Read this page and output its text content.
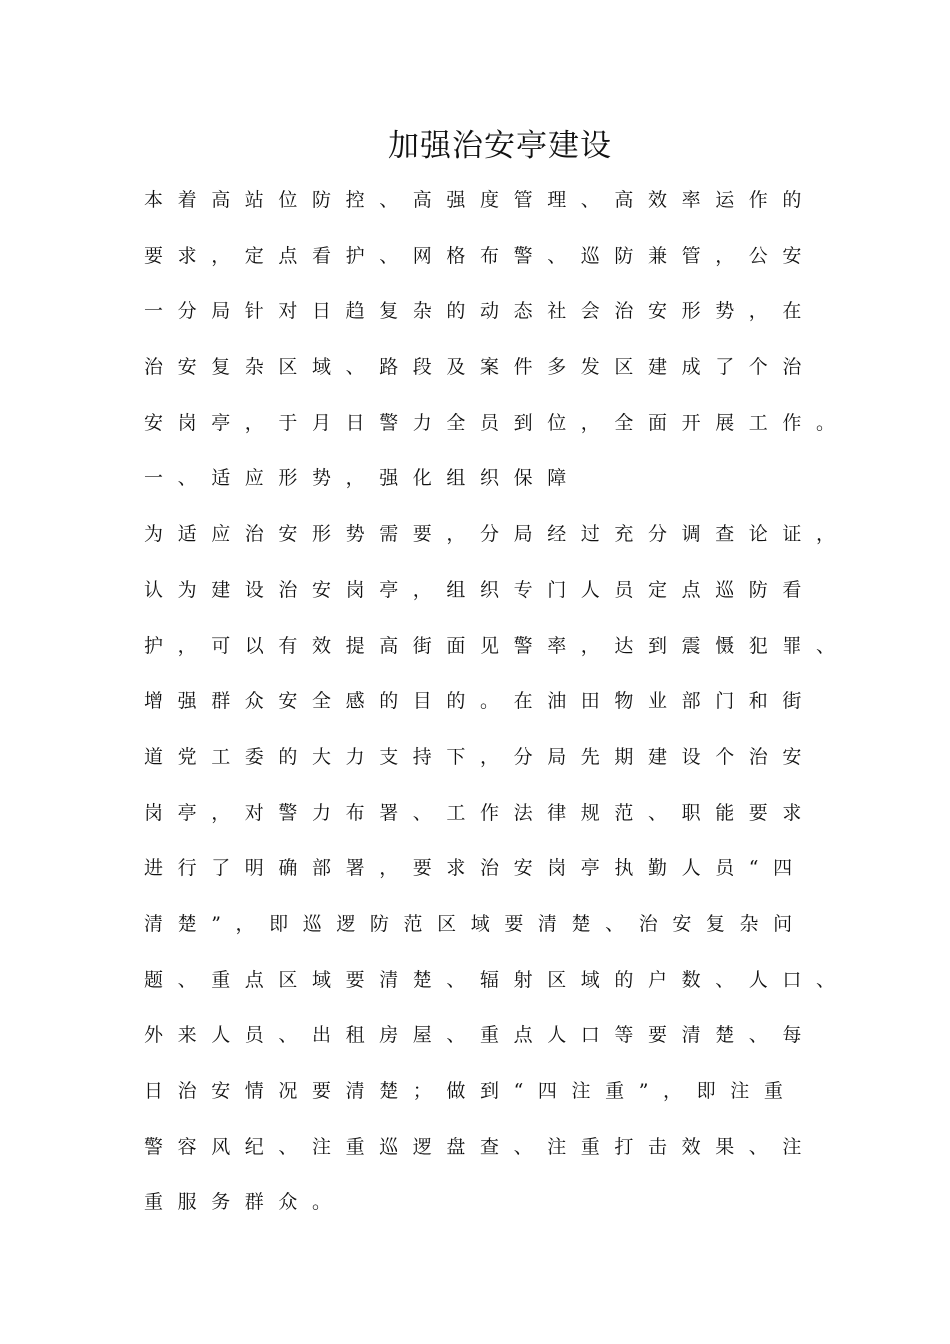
加强治安亭建设
本着高站位防控、高强度管理、高效率运作的
要求，定点看护、网格布警、巡防兼管，公安
一分局针对日趋复杂的动态社会治安形势，在
治安复杂区域、路段及案件多发区建成了个治
安岗亭，于月日警力全员到位，全面开展工作。
一、适应形势，强化组织保障
为适应治安形势需要，分局经过充分调查论证，
认为建设治安岗亭，组织专门人员定点巡防看
护，可以有效提高街面见警率，达到震慑犯罪、
增强群众安全感的目的。在油田物业部门和街
道党工委的大力支持下，分局先期建设个治安
岗亭，对警力布署、工作法律规范、职能要求
进行了明确部署，要求治安岗亭执勤人员“四
清楚”，即巡逻防范区域要清楚、治安复杂问
题、重点区域要清楚、辐射区域的户数、人口、
外来人员、出租房屋、重点人口等要清楚、每
日治安情况要清楚；做到“四注重”，即注重
警容风纪、注重巡逻盘查、注重打击效果、注
重服务群众。
